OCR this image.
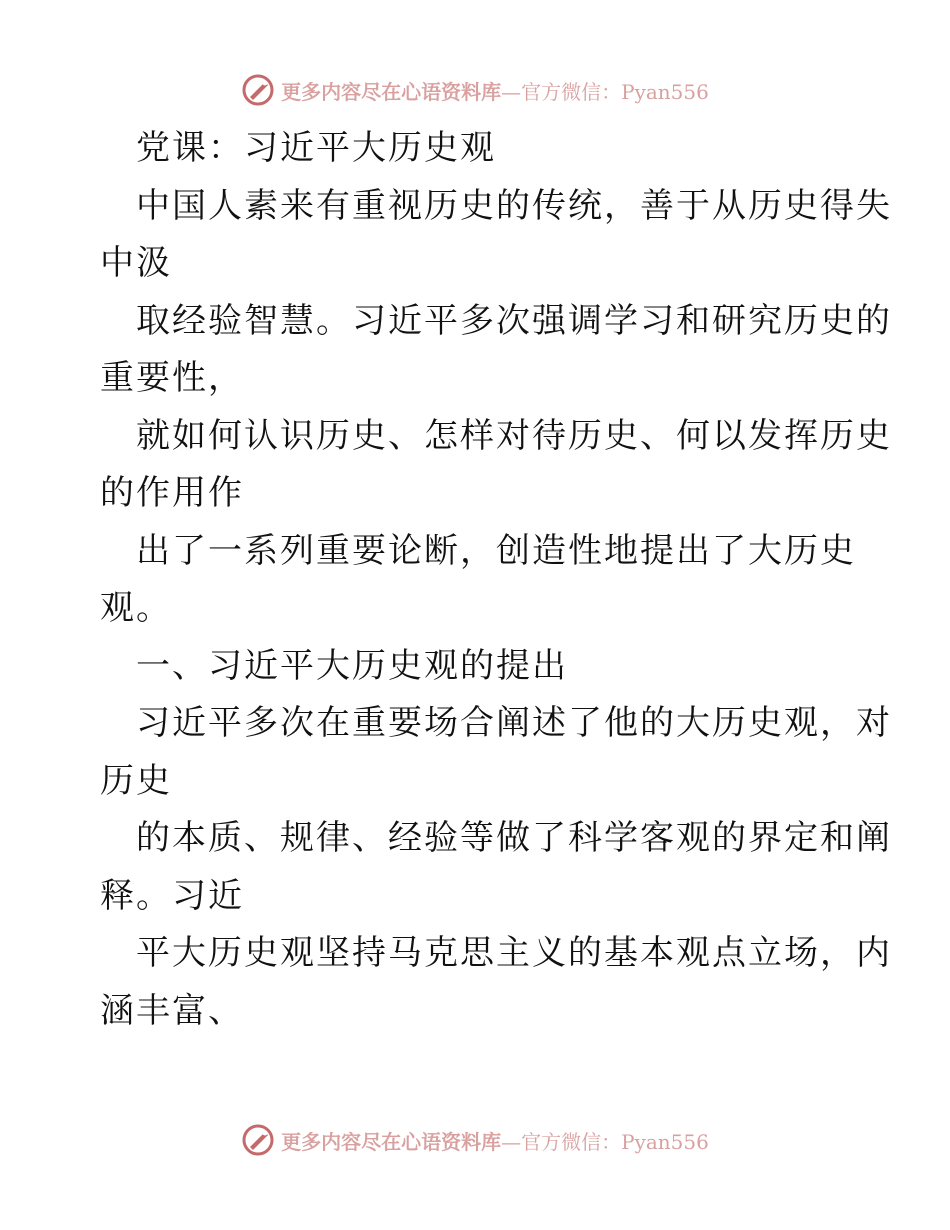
更多内容尽在心语资料库—官方微信：Pyan556
党课：习近平大历史观
中国人素来有重视历史的传统，善于从历史得失
中汲
取经验智慧。习近平多次强调学习和研究历史的
重要性，
就如何认识历史、怎样对待历史、何以发挥历史
的作用作
出了一系列重要论断，创造性地提出了大历史
观。
一、习近平大历史观的提出
习近平多次在重要场合阐述了他的大历史观，对
历史
的本质、规律、经验等做了科学客观的界定和阐
释。习近
平大历史观坚持马克思主义的基本观点立场，内
涵丰富、
更多内容尽在心语资料库—官方微信：Pyan556
